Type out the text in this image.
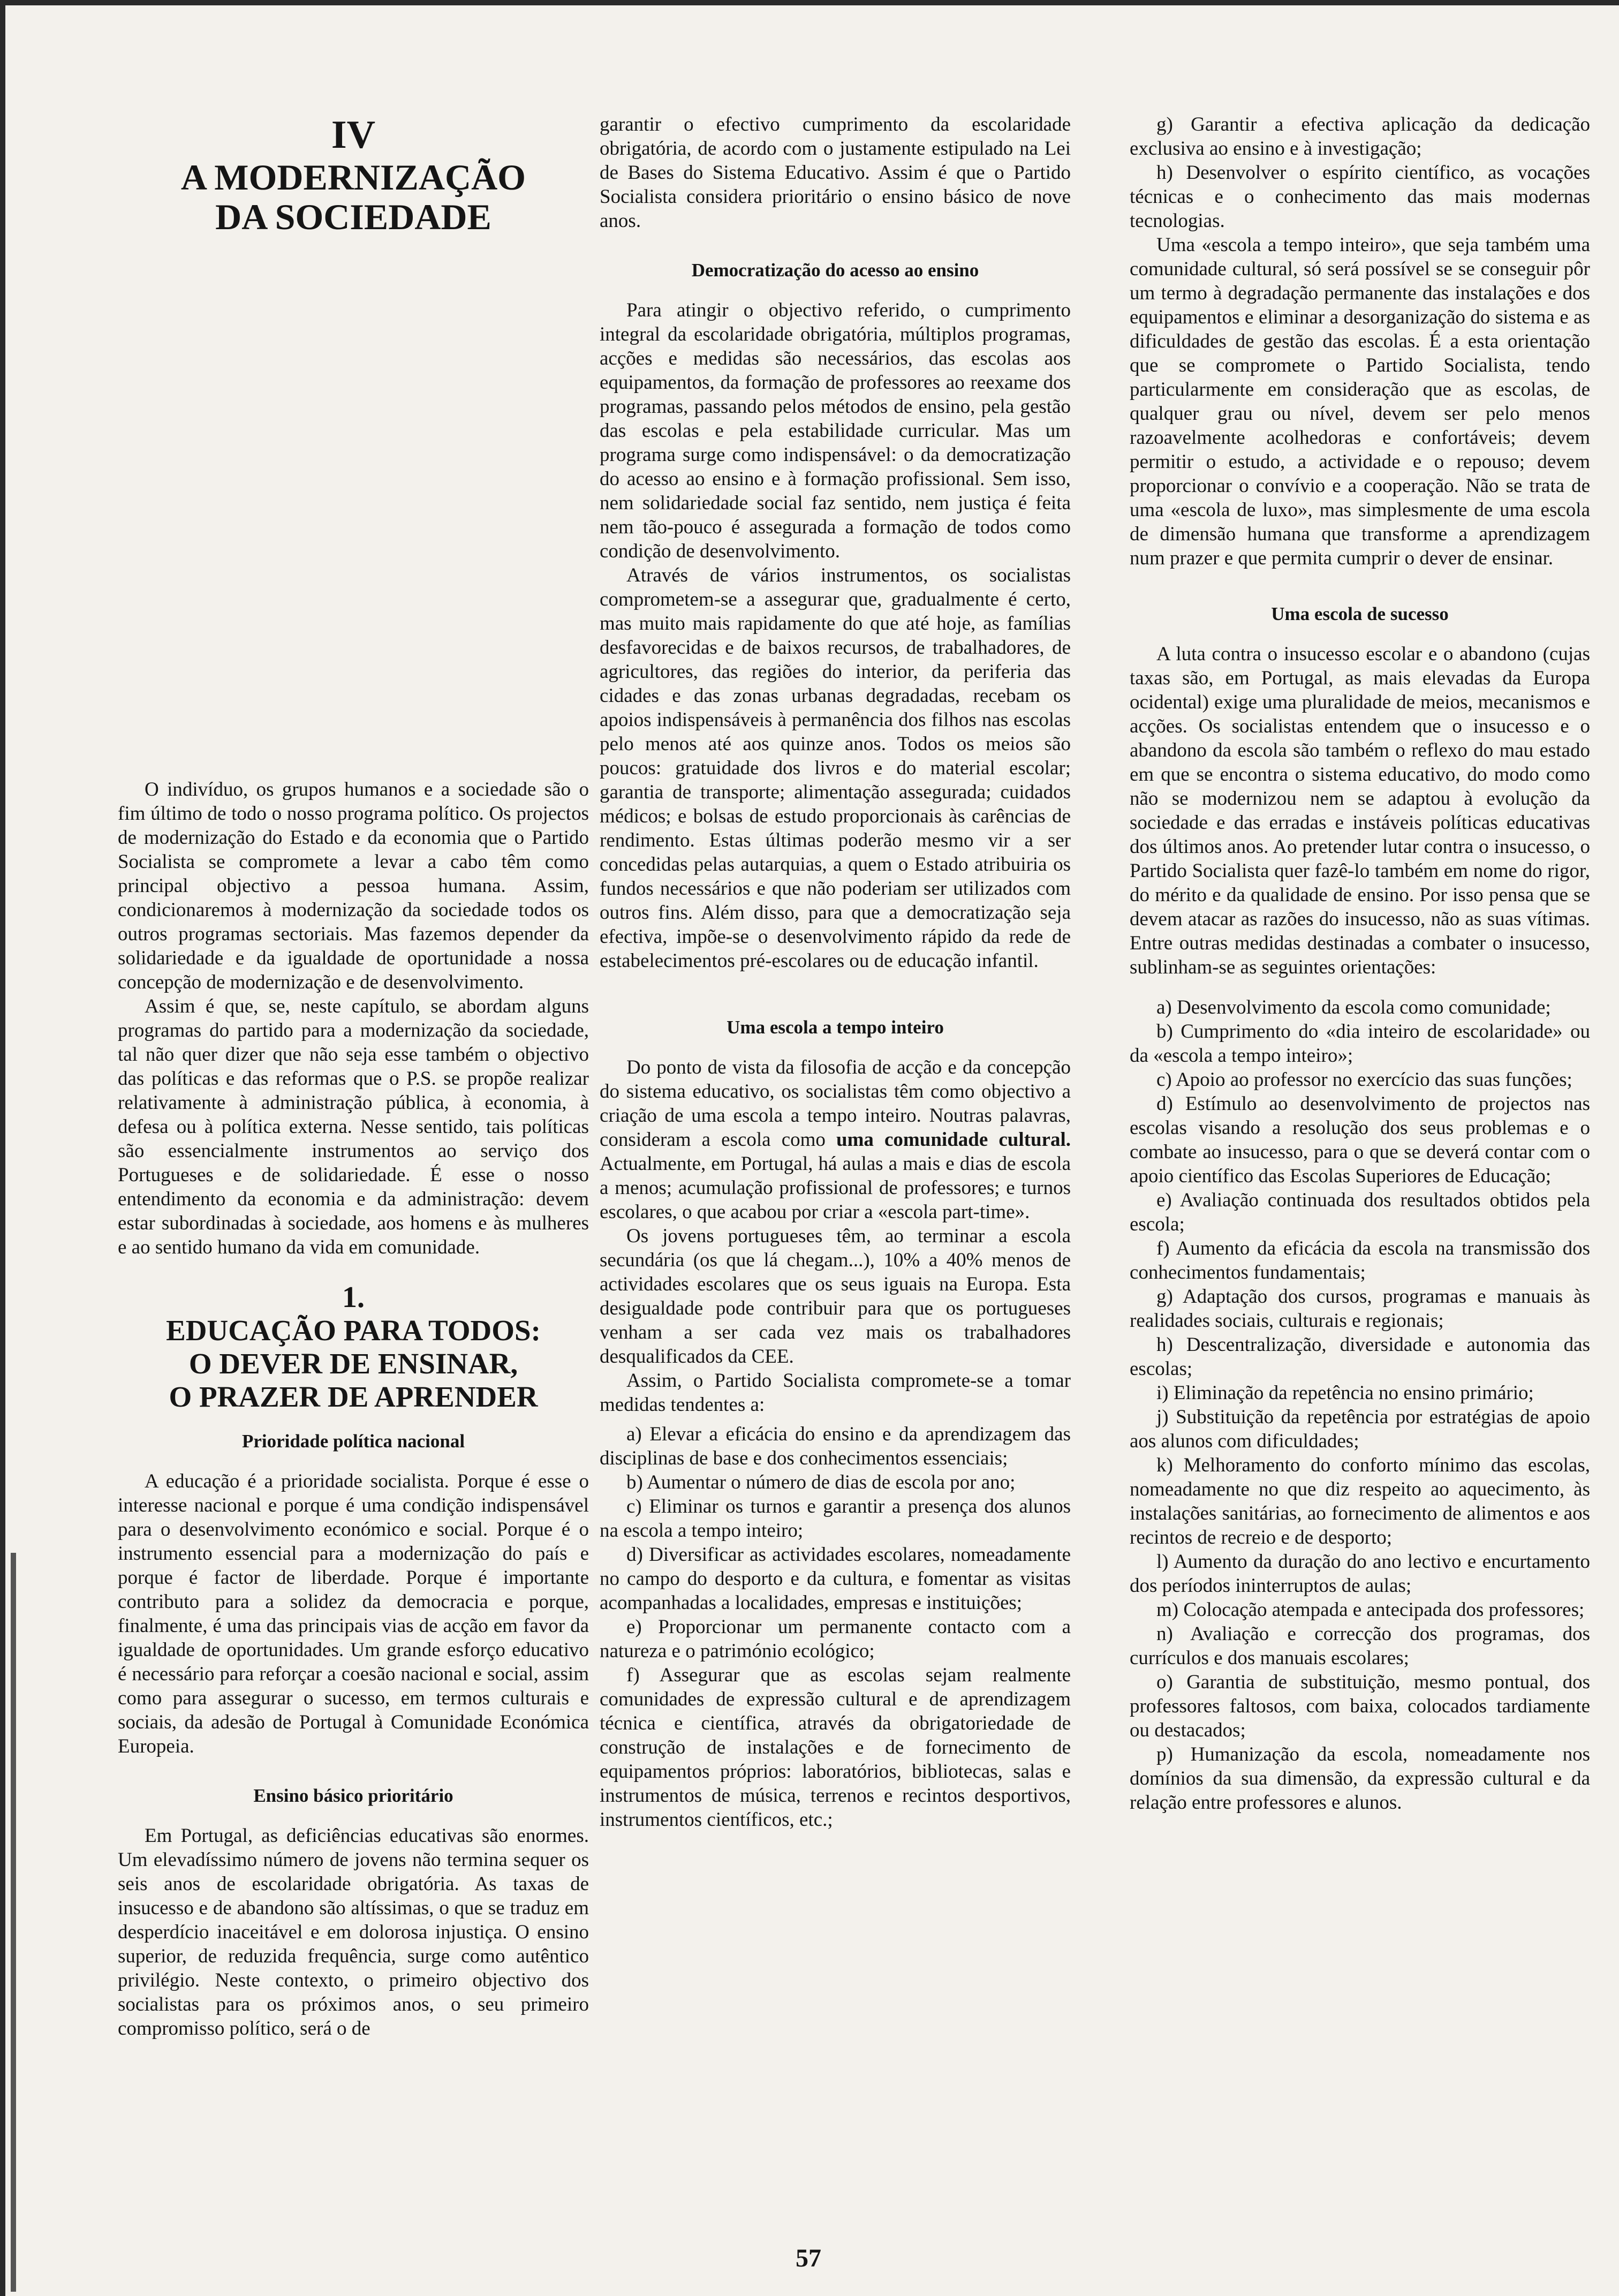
IV
A MODERNIZAÇÃO
DA SOCIEDADE

O indivíduo, os grupos humanos e a sociedade são o fim último de todo o nosso programa político. Os projectos de modernização do Estado e da economia que o Partido Socialista se compromete a levar a cabo têm como principal objectivo a pessoa humana. Assim, condicionaremos à modernização da sociedade todos os outros programas sectoriais. Mas fazemos depender da solidariedade e da igualdade de oportunidade a nossa concepção de modernização e de desenvolvimento.

Assim é que, se, neste capítulo, se abordam alguns programas do partido para a modernização da sociedade, tal não quer dizer que não seja esse também o objectivo das políticas e das reformas que o P.S. se propõe realizar relativamente à administração pública, à economia, à defesa ou à política externa. Nesse sentido, tais políticas são essencialmente instrumentos ao serviço dos Portugueses e de solidariedade. É esse o nosso entendimento da economia e da administração: devem estar subordinadas à sociedade, aos homens e às mulheres e ao sentido humano da vida em comunidade.

1.
EDUCAÇÃO PARA TODOS:
O DEVER DE ENSINAR,
O PRAZER DE APRENDER
Prioridade política nacional

A educação é a prioridade socialista. Porque é esse o interesse nacional e porque é uma condição indispensável para o desenvolvimento económico e social. Porque é o instrumento essencial para a modernização do país e porque é factor de liberdade. Porque é importante contributo para a solidez da democracia e porque, finalmente, é uma das principais vias de acção em favor da igualdade de oportunidades. Um grande esforço educativo é necessário para reforçar a coesão nacional e social, assim como para assegurar o sucesso, em termos culturais e sociais, da adesão de Portugal à Comunidade Económica Europeia.

Ensino básico prioritário

Em Portugal, as deficiências educativas são enormes. Um elevadíssimo número de jovens não termina sequer os seis anos de escolaridade obrigatória. As taxas de insucesso e de abandono são altíssimas, o que se traduz em desperdício inaceitável e em dolorosa injustiça. O ensino superior, de reduzida frequência, surge como autêntico privilégio. Neste contexto, o primeiro objectivo dos socialistas para os próximos anos, o seu primeiro compromisso político, será o de

garantir o efectivo cumprimento da escolaridade obrigatória, de acordo com o justamente estipulado na Lei de Bases do Sistema Educativo. Assim é que o Partido Socialista considera prioritário o ensino básico de nove anos.

Democratização do acesso ao ensino

Para atingir o objectivo referido, o cumprimento integral da escolaridade obrigatória, múltiplos programas, acções e medidas são necessários, das escolas aos equipamentos, da formação de professores ao reexame dos programas, passando pelos métodos de ensino, pela gestão das escolas e pela estabilidade curricular. Mas um programa surge como indispensável: o da democratização do acesso ao ensino e à formação profissional. Sem isso, nem solidariedade social faz sentido, nem justiça é feita nem tão-pouco é assegurada a formação de todos como condição de desenvolvimento.

Através de vários instrumentos, os socialistas comprometem-se a assegurar que, gradualmente é certo, mas muito mais rapidamente do que até hoje, as famílias desfavorecidas e de baixos recursos, de trabalhadores, de agricultores, das regiões do interior, da periferia das cidades e das zonas urbanas degradadas, recebam os apoios indispensáveis à permanência dos filhos nas escolas pelo menos até aos quinze anos. Todos os meios são poucos: gratuidade dos livros e do material escolar; garantia de transporte; alimentação assegurada; cuidados médicos; e bolsas de estudo proporcionais às carências de rendimento. Estas últimas poderão mesmo vir a ser concedidas pelas autarquias, a quem o Estado atribuiria os fundos necessários e que não poderiam ser utilizados com outros fins. Além disso, para que a democratização seja efectiva, impõe-se o desenvolvimento rápido da rede de estabelecimentos pré-escolares ou de educação infantil.

Uma escola a tempo inteiro

Do ponto de vista da filosofia de acção e da concepção do sistema educativo, os socialistas têm como objectivo a criação de uma escola a tempo inteiro. Noutras palavras, consideram a escola como uma comunidade cultural. Actualmente, em Portugal, há aulas a mais e dias de escola a menos; acumulação profissional de professores; e turnos escolares, o que acabou por criar a «escola part-time».

Os jovens portugueses têm, ao terminar a escola secundária (os que lá chegam...), 10% a 40% menos de actividades escolares que os seus iguais na Europa. Esta desigualdade pode contribuir para que os portugueses venham a ser cada vez mais os trabalhadores desqualificados da CEE.

Assim, o Partido Socialista compromete-se a tomar medidas tendentes a:

a) Elevar a eficácia do ensino e da aprendizagem das disciplinas de base e dos conhecimentos essenciais;
b) Aumentar o número de dias de escola por ano;
c) Eliminar os turnos e garantir a presença dos alunos na escola a tempo inteiro;
d) Diversificar as actividades escolares, nomeadamente no campo do desporto e da cultura, e fomentar as visitas acompanhadas a localidades, empresas e instituições;
e) Proporcionar um permanente contacto com a natureza e o património ecológico;
f) Assegurar que as escolas sejam realmente comunidades de expressão cultural e de aprendizagem técnica e científica, através da obrigatoriedade de construção de instalações e de fornecimento de equipamentos próprios: laboratórios, bibliotecas, salas e instrumentos de música, terrenos e recintos desportivos, instrumentos científicos, etc.;
g) Garantir a efectiva aplicação da dedicação exclusiva ao ensino e à investigação;
h) Desenvolver o espírito científico, as vocações técnicas e o conhecimento das mais modernas tecnologias.

Uma «escola a tempo inteiro», que seja também uma comunidade cultural, só será possível se se conseguir pôr um termo à degradação permanente das instalações e dos equipamentos e eliminar a desorganização do sistema e as dificuldades de gestão das escolas. É a esta orientação que se compromete o Partido Socialista, tendo particularmente em consideração que as escolas, de qualquer grau ou nível, devem ser pelo menos razoavelmente acolhedoras e confortáveis; devem permitir o estudo, a actividade e o repouso; devem proporcionar o convívio e a cooperação. Não se trata de uma «escola de luxo», mas simplesmente de uma escola de dimensão humana que transforme a aprendizagem num prazer e que permita cumprir o dever de ensinar.

Uma escola de sucesso

A luta contra o insucesso escolar e o abandono (cujas taxas são, em Portugal, as mais elevadas da Europa ocidental) exige uma pluralidade de meios, mecanismos e acções. Os socialistas entendem que o insucesso e o abandono da escola são também o reflexo do mau estado em que se encontra o sistema educativo, do modo como não se modernizou nem se adaptou à evolução da sociedade e das erradas e instáveis políticas educativas dos últimos anos. Ao pretender lutar contra o insucesso, o Partido Socialista quer fazê-lo também em nome do rigor, do mérito e da qualidade de ensino. Por isso pensa que se devem atacar as razões do insucesso, não as suas vítimas. Entre outras medidas destinadas a combater o insucesso, sublinham-se as seguintes orientações:

a) Desenvolvimento da escola como comunidade;
b) Cumprimento do «dia inteiro de escolaridade» ou da «escola a tempo inteiro»;
c) Apoio ao professor no exercício das suas funções;
d) Estímulo ao desenvolvimento de projectos nas escolas visando a resolução dos seus problemas e o combate ao insucesso, para o que se deverá contar com o apoio científico das Escolas Superiores de Educação;
e) Avaliação continuada dos resultados obtidos pela escola;
f) Aumento da eficácia da escola na transmissão dos conhecimentos fundamentais;
g) Adaptação dos cursos, programas e manuais às realidades sociais, culturais e regionais;
h) Descentralização, diversidade e autonomia das escolas;
i) Eliminação da repetência no ensino primário;
j) Substituição da repetência por estratégias de apoio aos alunos com dificuldades;
k) Melhoramento do conforto mínimo das escolas, nomeadamente no que diz respeito ao aquecimento, às instalações sanitárias, ao fornecimento de alimentos e aos recintos de recreio e de desporto;
l) Aumento da duração do ano lectivo e encurtamento dos períodos ininterruptos de aulas;
m) Colocação atempada e antecipada dos professores;
n) Avaliação e correcção dos programas, dos currículos e dos manuais escolares;
o) Garantia de substituição, mesmo pontual, dos professores faltosos, com baixa, colocados tardiamente ou destacados;
p) Humanização da escola, nomeadamente nos domínios da sua dimensão, da expressão cultural e da relação entre professores e alunos.
57
